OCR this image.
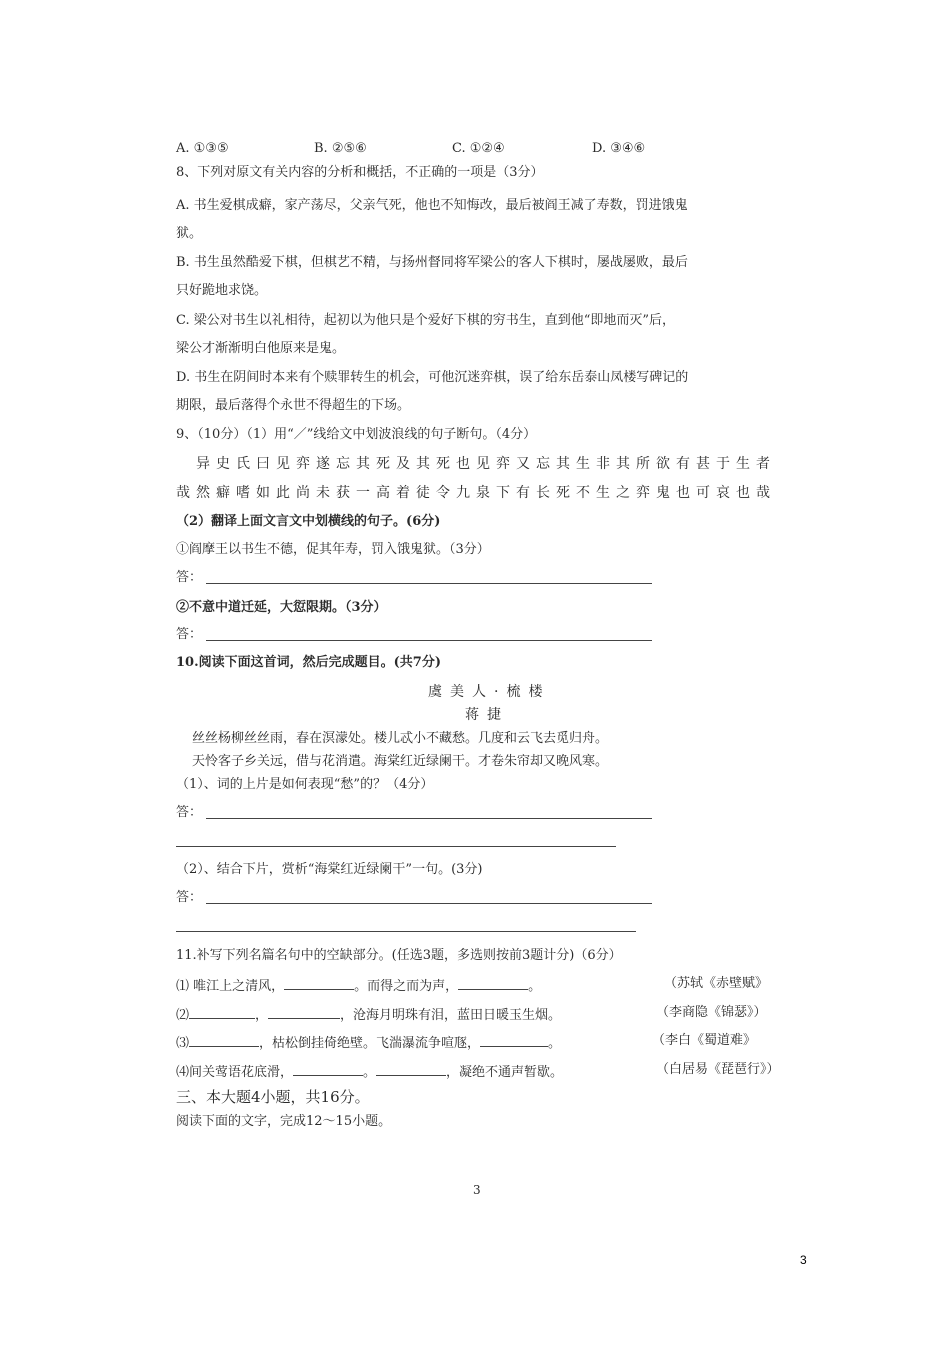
A. ①③⑤	B. ②⑤⑥	C. ①②④	D. ③④⑥
8、下列对原文有关内容的分析和概括，不正确的一项是（3分）
A. 书生爱棋成癖，家产荡尽，父亲气死，他也不知悔改，最后被阎王减了寿数，罚进饿鬼
狱。
B. 书生虽然酷爱下棋，但棋艺不精，与扬州督同将军梁公的客人下棋时，屡战屡败，最后
只好跪地求饶。
C. 梁公对书生以礼相待，起初以为他只是个爱好下棋的穷书生，直到他“即地而灭”后，
梁公才渐渐明白他原来是鬼。
D. 书生在阴间时本来有个赎罪转生的机会，可他沉迷弈棋，误了给东岳泰山凤楼写碑记的
期限，最后落得个永世不得超生的下场。
9、（10分）（1）用“／”线给文中划波浪线的句子断句。（4分）
异史氏曰见弈遂忘其死及其死也见弈又忘其生非其所欲有甚于生者
哉然癖嗜如此尚未获一高着徒令九泉下有长死不生之弈鬼也可哀也哉
（2）翻译上面文言文中划横线的句子。(6分)
①阎摩王以书生不德，促其年寿，罚入饿鬼狱。（3分）
答：
②不意中道迁延，大愆限期。（3分）
答：
10.阅读下面这首词，然后完成题目。(共7分)
虞美人·梳楼
蒋捷
丝丝杨柳丝丝雨，春在溟濛处。楼儿忒小不藏愁。几度和云飞去觅归舟。
天怜客子乡关远，借与花消遣。海棠红近绿阑干。才卷朱帘却又晚风寒。
（1）、词的上片是如何表现“愁”的？（4分）
答：
（2）、结合下片，赏析“海棠红近绿阑干”一句。(3分)
答：
11.补写下列名篇名句中的空缺部分。(任选3题，多选则按前3题计分)（6分）
⑴ 唯江上之清风，	。而得之而为声，	。	（苏轼《赤壁赋》
⑵	，	，沧海月明珠有泪，蓝田日暖玉生烟。	（李商隐《锦瑟》）
⑶	，枯松倒挂倚绝壁。飞湍瀑流争喧豗，	。	（李白《蜀道难》
⑷间关莺语花底滑，	。	，凝绝不通声暂歇。	（白居易《琵琶行》）
三、本大题4小题，共16分。
阅读下面的文字，完成12～15小题。
3
3
